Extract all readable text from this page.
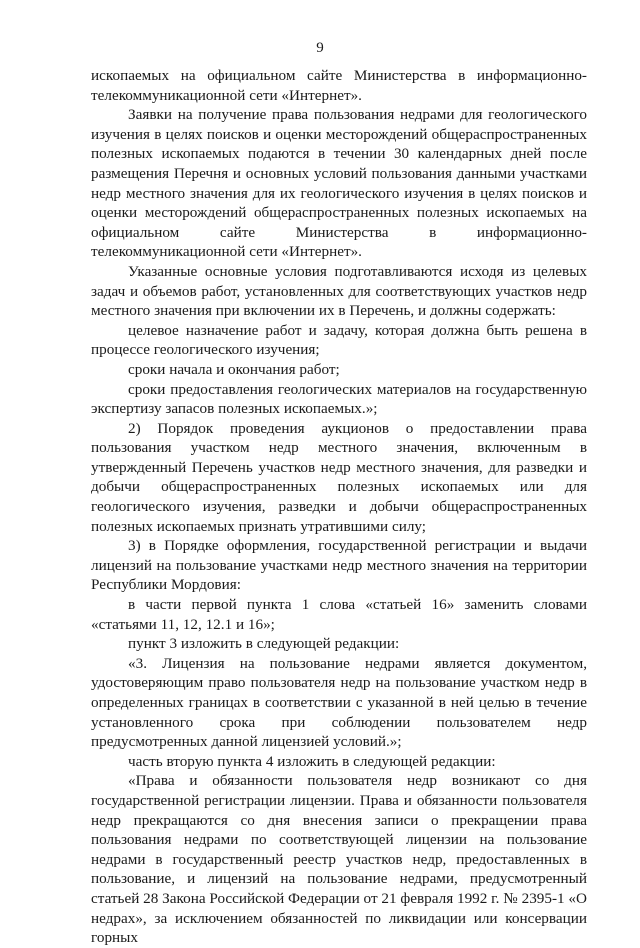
9

ископаемых на официальном сайте Министерства в информационно-телекоммуникационной сети «Интернет».

Заявки на получение права пользования недрами для геологического изучения в целях поисков и оценки месторождений общераспространенных полезных ископаемых подаются в течении 30 календарных дней после размещения Перечня и основных условий пользования данными участками недр местного значения для их геологического изучения в целях поисков и оценки месторождений общераспространенных полезных ископаемых на официальном сайте Министерства в информационно-телекоммуникационной сети «Интернет».

Указанные основные условия подготавливаются исходя из целевых задач и объемов работ, установленных для соответствующих участков недр местного значения при включении их в Перечень, и должны содержать:

целевое назначение работ и задачу, которая должна быть решена в процессе геологического изучения;

сроки начала и окончания работ;

сроки предоставления геологических материалов на государственную экспертизу запасов полезных ископаемых.»;

2) Порядок проведения аукционов о предоставлении права пользования участком недр местного значения, включенным в утвержденный Перечень участков недр местного значения, для разведки и добычи общераспространенных полезных ископаемых или для геологического изучения, разведки и добычи общераспространенных полезных ископаемых признать утратившими силу;

3) в Порядке оформления, государственной регистрации и выдачи лицензий на пользование участками недр местного значения на территории Республики Мордовия:

в части первой пункта 1 слова «статьей 16» заменить словами «статьями 11, 12, 12.1 и 16»;

пункт 3 изложить в следующей редакции:

«3. Лицензия на пользование недрами является документом, удостоверяющим право пользователя недр на пользование участком недр в определенных границах в соответствии с указанной в ней целью в течение установленного срока при соблюдении пользователем недр предусмотренных данной лицензией условий.»;

часть вторую пункта 4 изложить в следующей редакции:

«Права и обязанности пользователя недр возникают со дня государственной регистрации лицензии. Права и обязанности пользователя недр прекращаются со дня внесения записи о прекращении права пользования недрами по соответствующей лицензии на пользование недрами в государственный реестр участков недр, предоставленных в пользование, и лицензий на пользование недрами, предусмотренный статьей 28 Закона Российской Федерации от 21 февраля 1992 г. № 2395-1 «О недрах», за исключением обязанностей по ликвидации или консервации горных
